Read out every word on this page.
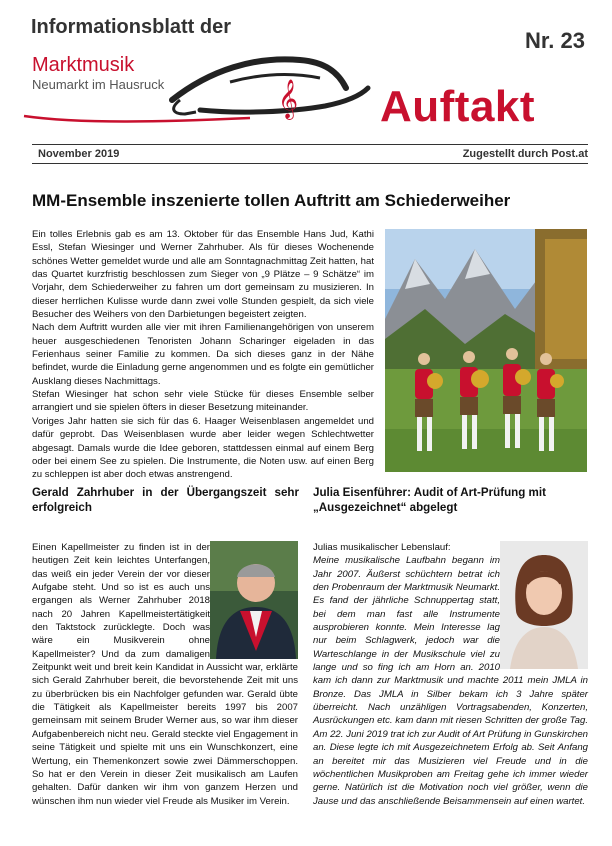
Informationsblatt der
𝄞
Marktmusik
Neumarkt im Hausruck
Nr. 23
Auftakt
November 2019	Zugestellt durch Post.at
MM-Ensemble inszenierte tollen Auftritt am Schiederweiher

Ein tolles Erlebnis gab es am 13. Oktober für das Ensemble Hans Jud, Kathi Essl, Stefan Wiesinger und Werner Zahrhuber. Als für dieses Wochenende schönes Wetter gemeldet wurde und alle am Sonntagnachmittag Zeit hatten, hat das Quartet kurzfristig beschlossen zum Sieger von „9 Plätze – 9 Schätze“ im Vorjahr, dem Schiederweiher zu fahren um dort gemeinsam zu musizieren. In dieser herrlichen Kulisse wurde dann zwei volle Stunden gespielt, da sich viele Besucher des Weihers von den Darbietungen begeistert zeigten.

Nach dem Auftritt wurden alle vier mit ihren Familienangehörigen von unserem heuer ausgeschiedenen Tenoristen Johann Scharinger eigeladen in das Ferienhaus seiner Familie zu kommen. Da sich dieses ganz in der Nähe befindet, wurde die Einladung gerne angenommen und es folgte ein gemütlicher Ausklang dieses Nachmittags.

Stefan Wiesinger hat schon sehr viele Stücke für dieses Ensemble selber arrangiert und sie spielen öfters in dieser Besetzung miteinander.

Voriges Jahr hatten sie sich für das 6. Haager Weisenblasen angemeldet und dafür geprobt. Das Weisenblasen wurde aber leider wegen Schlechtwetter abgesagt. Damals wurde die Idee geboren, stattdessen einmal auf einem Berg oder bei einem See zu spielen. Die Instrumente, die Noten usw. auf einen Berg zu schleppen ist aber doch etwas anstrengend.

Gerald Zahrhuber in der Übergangszeit sehr erfolgreich

Einen Kapellmeister zu finden ist in der heutigen Zeit kein leichtes Unterfangen, das weiß ein jeder Verein der vor dieser Aufgabe steht. Und so ist es auch uns ergangen als Werner Zahrhuber 2018 nach 20 Jahren Kapellmeistertätigkeit den Taktstock zurücklegte. Doch was wäre ein Musikverein ohne Kapellmeister? Und da zum damaligen Zeitpunkt weit und breit kein Kandidat in Aussicht war, erklärte sich Gerald Zahrhuber bereit, die bevorstehende Zeit mit uns zu überbrücken bis ein Nachfolger gefunden war. Gerald übte die Tätigkeit als Kapellmeister bereits 1997 bis 2007 gemeinsam mit seinem Bruder Werner aus, so war ihm dieser Aufgabenbereich nicht neu. Gerald steckte viel Engagement in seine Tätigkeit und spielte mit uns ein Wunschkonzert, eine Wertung, ein Themenkonzert sowie zwei Dämmerschoppen. So hat er den Verein in dieser Zeit musikalisch am Laufen gehalten. Dafür danken wir ihm von ganzem Herzen und wünschen ihm nun wieder viel Freude als Musiker im Verein.

Julia Eisenführer: Audit of Art-Prüfung mit „Ausgezeichnet“ abgelegt

Julias musikalischer Lebenslauf:

Meine musikalische Laufbahn begann im Jahr 2007. Äußerst schüchtern betrat ich den Probenraum der Marktmusik Neumarkt. Es fand der jährliche Schnuppertag statt, bei dem man fast alle Instrumente ausprobieren konnte. Mein Interesse lag nur beim Schlagwerk, jedoch war die Warteschlange in der Musikschule viel zu lange und so fing ich am Horn an. 2010 kam ich dann zur Marktmusik und machte 2011 mein JMLA in Bronze. Das JMLA in Silber bekam ich 3 Jahre später überreicht. Nach unzähligen Vortragsabenden, Konzerten, Ausrückungen etc. kam dann mit riesen Schritten der große Tag. Am 22. Juni 2019 trat ich zur Audit of Art Prüfung in Gunskirchen an. Diese legte ich mit Ausgezeichnetem Erfolg ab. Seit Anfang an bereitet mir das Musizieren viel Freude und in die wöchentlichen Musikproben am Freitag gehe ich immer wieder gerne. Natürlich ist die Motivation noch viel größer, wenn die Jause und das anschließende Beisammensein auf einen wartet.
